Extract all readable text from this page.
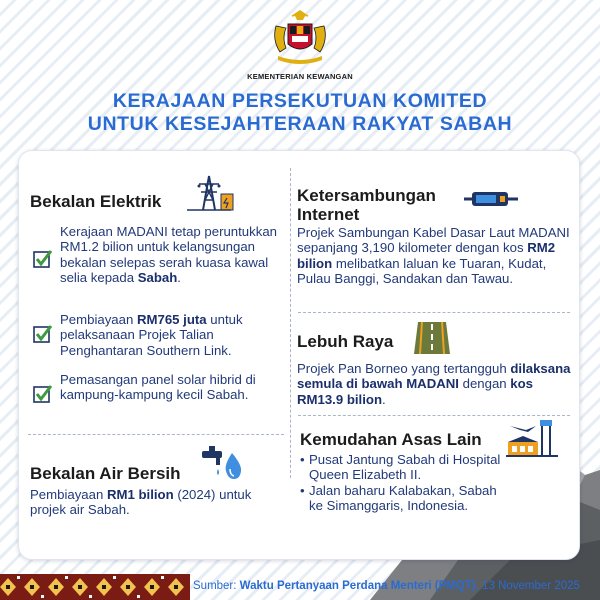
KEMENTERIAN KEWANGAN
KERAJAAN PERSEKUTUAN KOMITED
UNTUK KESEJAHTERAAN RAKYAT SABAH
Bekalan Elektrik
Kerajaan MADANI tetap peruntukkan RM1.2 bilion untuk kelangsungan bekalan selepas serah kuasa kawal selia kepada Sabah.
Pembiayaan RM765 juta untuk pelaksanaan Projek Talian Penghantaran Southern Link.
Pemasangan panel solar hibrid di kampung-kampung kecil Sabah.
Bekalan Air Bersih
Pembiayaan RM1 bilion (2024) untuk projek air Sabah.
Ketersambungan
Internet
Projek Sambungan Kabel Dasar Laut MADANI sepanjang 3,190 kilometer dengan kos RM2 bilion melibatkan laluan ke Tuaran, Kudat, Pulau Banggi, Sandakan dan Tawau.
Lebuh Raya
Projek Pan Borneo yang tertangguh dilaksana semula di bawah MADANI dengan kos RM13.9 bilion.
Kemudahan Asas Lain
• Pusat Jantung Sabah di Hospital Queen Elizabeth II.
• Jalan baharu Kalabakan, Sabah ke Simanggaris, Indonesia.
Sumber: Waktu Pertanyaan Perdana Menteri (PMQT), 13 November 2025
